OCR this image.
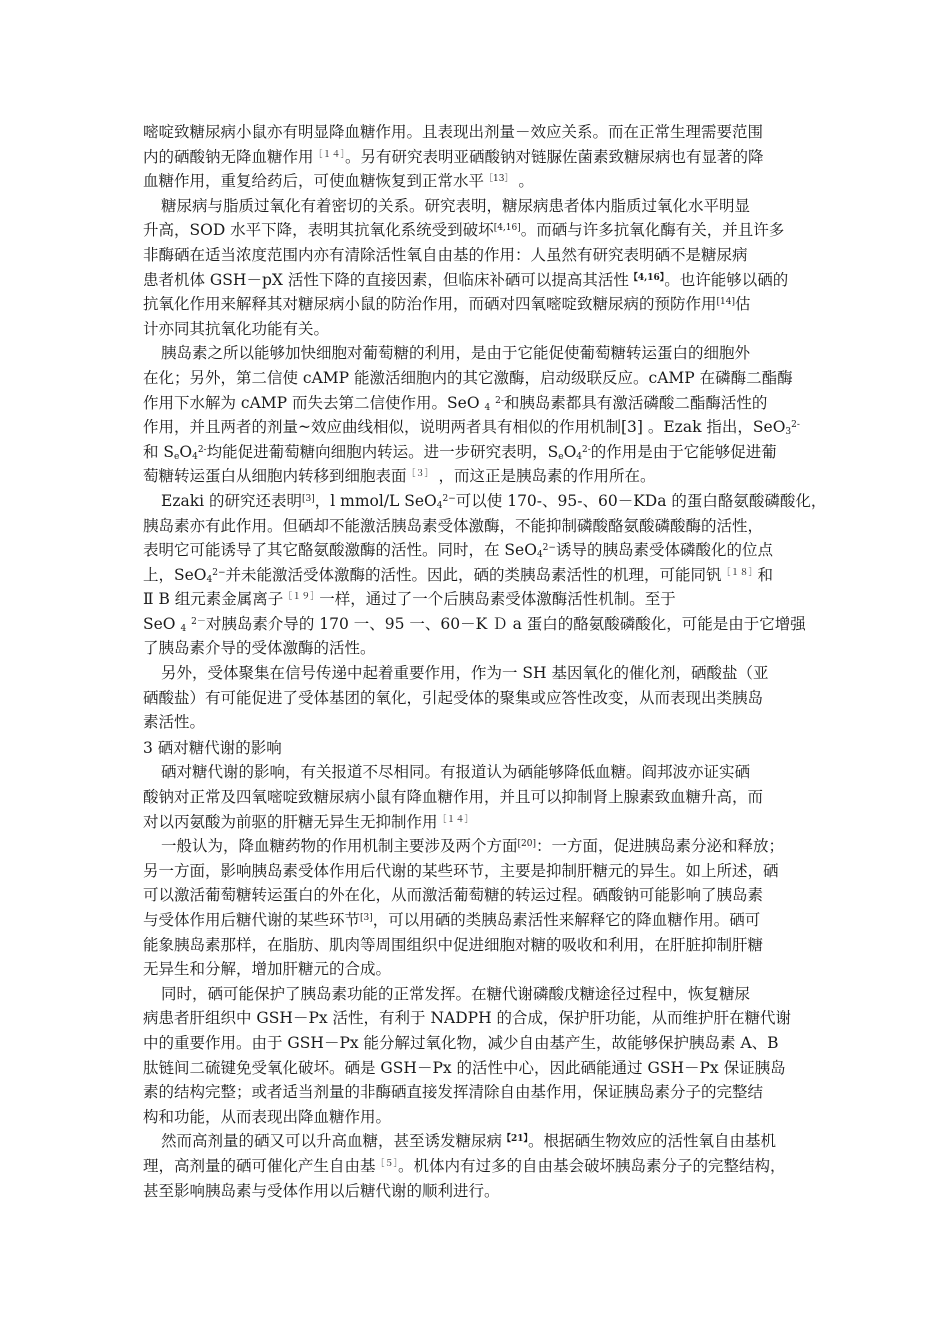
嘧啶致糖尿病小鼠亦有明显降血糖作用。且表现出剂量－效应关系。而在正常生理需要范围
内的硒酸钠无降血糖作用$^{[14]}$。另有研究表明亚硒酸钠对链脲佐菌素致糖尿病也有显著的降
血糖作用，重复给药后，可使血糖恢复到正常水平$^{[13]}$ 。
糖尿病与脂质过氧化有着密切的关系。研究表明，糖尿病患者体内脂质过氧化水平明显
升高，SOD 水平下降，表明其抗氧化系统受到破坏[4,16]。而硒与许多抗氧化酶有关，并且许多
非酶硒在适当浓度范围内亦有清除活性氧自由基的作用：人虽然有研究表明硒不是糖尿病
患者机体 GSH－pX 活性下降的直接因素，但临床补硒可以提高其活性$^{【4,16】}$。也许能够以硒的
抗氧化作用来解释其对糖尿病小鼠的防治作用，而硒对四氧嘧啶致糖尿病的预防作用[14]估
计亦同其抗氧化功能有关。
胰岛素之所以能够加快细胞对葡萄糖的利用，是由于它能促使葡萄糖转运蛋白的细胞外
在化；另外，第二信使 cAMP 能激活细胞内的其它激酶，启动级联反应。cAMP 在磷酶二酯酶
作用下水解为 cAMP 而失去第二信使作用。SeO $_4$ $^{2-}$和胰岛素都具有激活磷酸二酯酶活性的
作用，并且两者的剂量~效应曲线相似，说明两者具有相似的作用机制[3] 。Ezak 指出，SeO$_3^{2-}$
和 $S_eO_4^{2-}$均能促进葡萄糖向细胞内转运。进一步研究表明，$S_eO_4^{2-}$的作用是由于它能够促进葡
萄糖转运蛋白从细胞内转移到细胞表面$^{[3]}$ ，而这正是胰岛素的作用所在。
Ezaki 的研究还表明[3]，l mmol/L SeO$_4^{2-}$可以使 170-、95-、60－KDa 的蛋白酪氨酸磷酸化，
胰岛素亦有此作用。但硒却不能激活胰岛素受体激酶，不能抑制磷酸酪氨酸磷酸酶的活性，
表明它可能诱导了其它酪氨酸激酶的活性。同时，在 SeO$_4^{2-}$诱导的胰岛素受体磷酸化的位点
上，SeO$_4^{2-}$并未能激活受体激酶的活性。因此，硒的类胰岛素活性的机理，可能同钒$^{[18]}$和
Ⅱ B 组元素金属离子$^{[19]}$一样，通过了一个后胰岛素受体激酶活性机制。至于
SeO $_4$ $^{2-}$对胰岛素介导的 170 一、95 一、60－K Ｄ a 蛋白的酪氨酸磷酸化，可能是由于它增强
了胰岛素介导的受体激酶的活性。
另外，受体聚集在信号传递中起着重要作用，作为一 SH 基因氧化的催化剂，硒酸盐（亚
硒酸盐）有可能促进了受体基团的氧化，引起受体的聚集或应答性改变，从而表现出类胰岛
素活性。
3 硒对糖代谢的影响
硒对糖代谢的影响，有关报道不尽相同。有报道认为硒能够降低血糖。阎邦波亦证实硒
酸钠对正常及四氧嘧啶致糖尿病小鼠有降血糖作用，并且可以抑制肾上腺素致血糖升高，而
对以丙氨酸为前驱的肝糖无异生无抑制作用$^{[14]}$
一般认为，降血糖药物的作用机制主要涉及两个方面[20]：一方面，促进胰岛素分泌和释放；
另一方面，影响胰岛素受体作用后代谢的某些环节，主要是抑制肝糖元的异生。如上所述，硒
可以激活葡萄糖转运蛋白的外在化，从而激活葡萄糖的转运过程。硒酸钠可能影响了胰岛素
与受体作用后糖代谢的某些环节[3]，可以用硒的类胰岛素活性来解释它的降血糖作用。硒可
能象胰岛素那样，在脂肪、肌肉等周围组织中促进细胞对糖的吸收和利用，在肝脏抑制肝糖
无异生和分解，增加肝糖元的合成。
同时，硒可能保护了胰岛素功能的正常发挥。在糖代谢磷酸戊糖途径过程中，恢复糖尿
病患者肝组织中 GSH－Px 活性，有利于 NADPH 的合成，保护肝功能，从而维护肝在糖代谢
中的重要作用。由于 GSH－Px 能分解过氧化物，减少自由基产生，故能够保护胰岛素 A、B
肽链间二硫键免受氧化破坏。硒是 GSH－Px 的活性中心，因此硒能通过 GSH－Px 保证胰岛
素的结构完整；或者适当剂量的非酶硒直接发挥清除自由基作用，保证胰岛素分子的完整结
构和功能，从而表现出降血糖作用。
然而高剂量的硒又可以升高血糖，甚至诱发糖尿病$^{【21】}$。根据硒生物效应的活性氧自由基机
理，高剂量的硒可催化产生自由基$^{[5]}$。机体内有过多的自由基会破坏胰岛素分子的完整结构，
甚至影响胰岛素与受体作用以后糖代谢的顺利进行。
